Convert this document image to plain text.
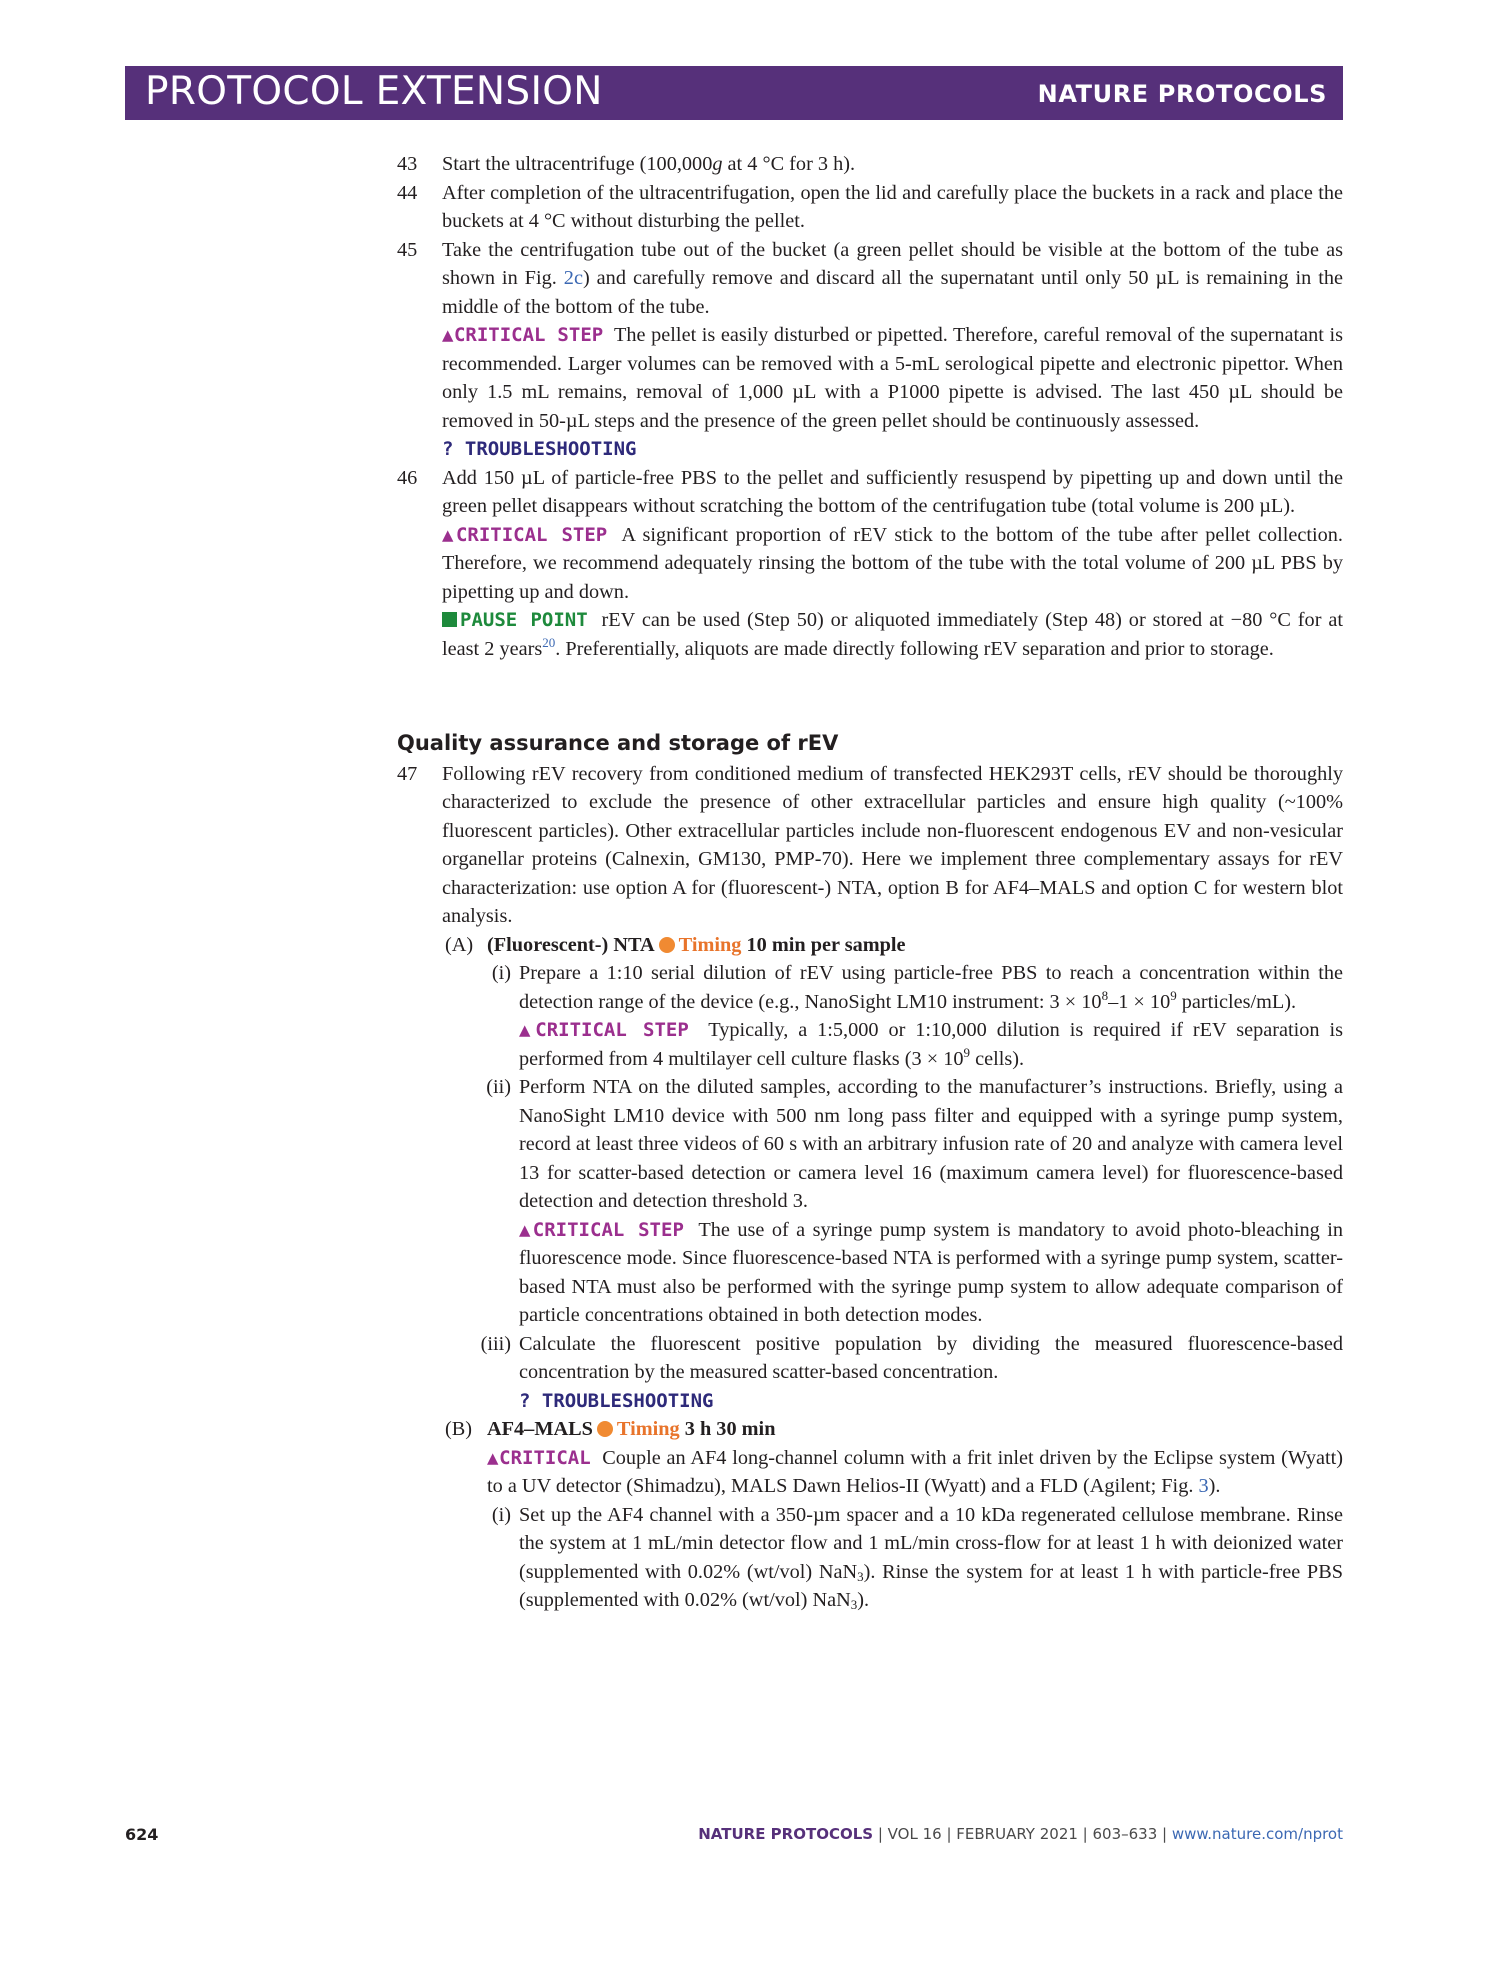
PROTOCOL EXTENSION	NATURE PROTOCOLS
43	Start the ultracentrifuge (100,000g at 4 °C for 3 h).
44	After completion of the ultracentrifugation, open the lid and carefully place the buckets in a rack and place the buckets at 4 °C without disturbing the pellet.
45	Take the centrifugation tube out of the bucket (a green pellet should be visible at the bottom of the tube as shown in Fig. 2c) and carefully remove and discard all the supernatant until only 50 µL is remaining in the middle of the bottom of the tube.
▲CRITICAL STEP The pellet is easily disturbed or pipetted. Therefore, careful removal of the supernatant is recommended. Larger volumes can be removed with a 5-mL serological pipette and electronic pipettor. When only 1.5 mL remains, removal of 1,000 µL with a P1000 pipette is advised. The last 450 µL should be removed in 50-µL steps and the presence of the green pellet should be continuously assessed.
? TROUBLESHOOTING
46	Add 150 µL of particle-free PBS to the pellet and sufficiently resuspend by pipetting up and down until the green pellet disappears without scratching the bottom of the centrifugation tube (total volume is 200 µL).
▲CRITICAL STEP A significant proportion of rEV stick to the bottom of the tube after pellet collection. Therefore, we recommend adequately rinsing the bottom of the tube with the total volume of 200 µL PBS by pipetting up and down.
PAUSE POINT rEV can be used (Step 50) or aliquoted immediately (Step 48) or stored at −80 °C for at least 2 years$^{20}$. Preferentially, aliquots are made directly following rEV separation and prior to storage.
Quality assurance and storage of rEV
47	Following rEV recovery from conditioned medium of transfected HEK293T cells, rEV should be thoroughly characterized to exclude the presence of other extracellular particles and ensure high quality (~100% fluorescent particles). Other extracellular particles include non-fluorescent endogenous EV and non-vesicular organellar proteins (Calnexin, GM130, PMP-70). Here we implement three complementary assays for rEV characterization: use option A for (fluorescent-) NTA, option B for AF4–MALS and option C for western blot analysis.
(A) (Fluorescent-) NTA Timing 10 min per sample
(i) Prepare a 1:10 serial dilution of rEV using particle-free PBS to reach a concentration within the detection range of the device (e.g., NanoSight LM10 instrument: $3 \times 10^8-1 \times 10^9$ particles/mL).
▲CRITICAL STEP Typically, a 1:5,000 or 1:10,000 dilution is required if rEV separation is performed from 4 multilayer cell culture flasks ($3 \times 10^9$ cells).
(ii) Perform NTA on the diluted samples, according to the manufacturer’s instructions. Briefly, using a NanoSight LM10 device with 500 nm long pass filter and equipped with a syringe pump system, record at least three videos of 60 s with an arbitrary infusion rate of 20 and analyze with camera level 13 for scatter-based detection or camera level 16 (maximum camera level) for fluorescence-based detection and detection threshold 3.
▲CRITICAL STEP The use of a syringe pump system is mandatory to avoid photo-bleaching in fluorescence mode. Since fluorescence-based NTA is performed with a syringe pump system, scatter-based NTA must also be performed with the syringe pump system to allow adequate comparison of particle concentrations obtained in both detection modes.
(iii) Calculate the fluorescent positive population by dividing the measured fluorescence-based concentration by the measured scatter-based concentration.
? TROUBLESHOOTING
(B) AF4–MALS Timing 3 h 30 min
▲CRITICAL Couple an AF4 long-channel column with a frit inlet driven by the Eclipse system (Wyatt) to a UV detector (Shimadzu), MALS Dawn Helios-II (Wyatt) and a FLD (Agilent; Fig. 3).
(i) Set up the AF4 channel with a 350-µm spacer and a 10 kDa regenerated cellulose membrane. Rinse the system at 1 mL/min detector flow and 1 mL/min cross-flow for at least 1 h with deionized water (supplemented with 0.02% (wt/vol) NaN$_3$). Rinse the system for at least 1 h with particle-free PBS (supplemented with 0.02% (wt/vol) NaN$_3$).
624	NATURE PROTOCOLS | VOL 16 | FEBRUARY 2021 | 603–633 | www.nature.com/nprot
